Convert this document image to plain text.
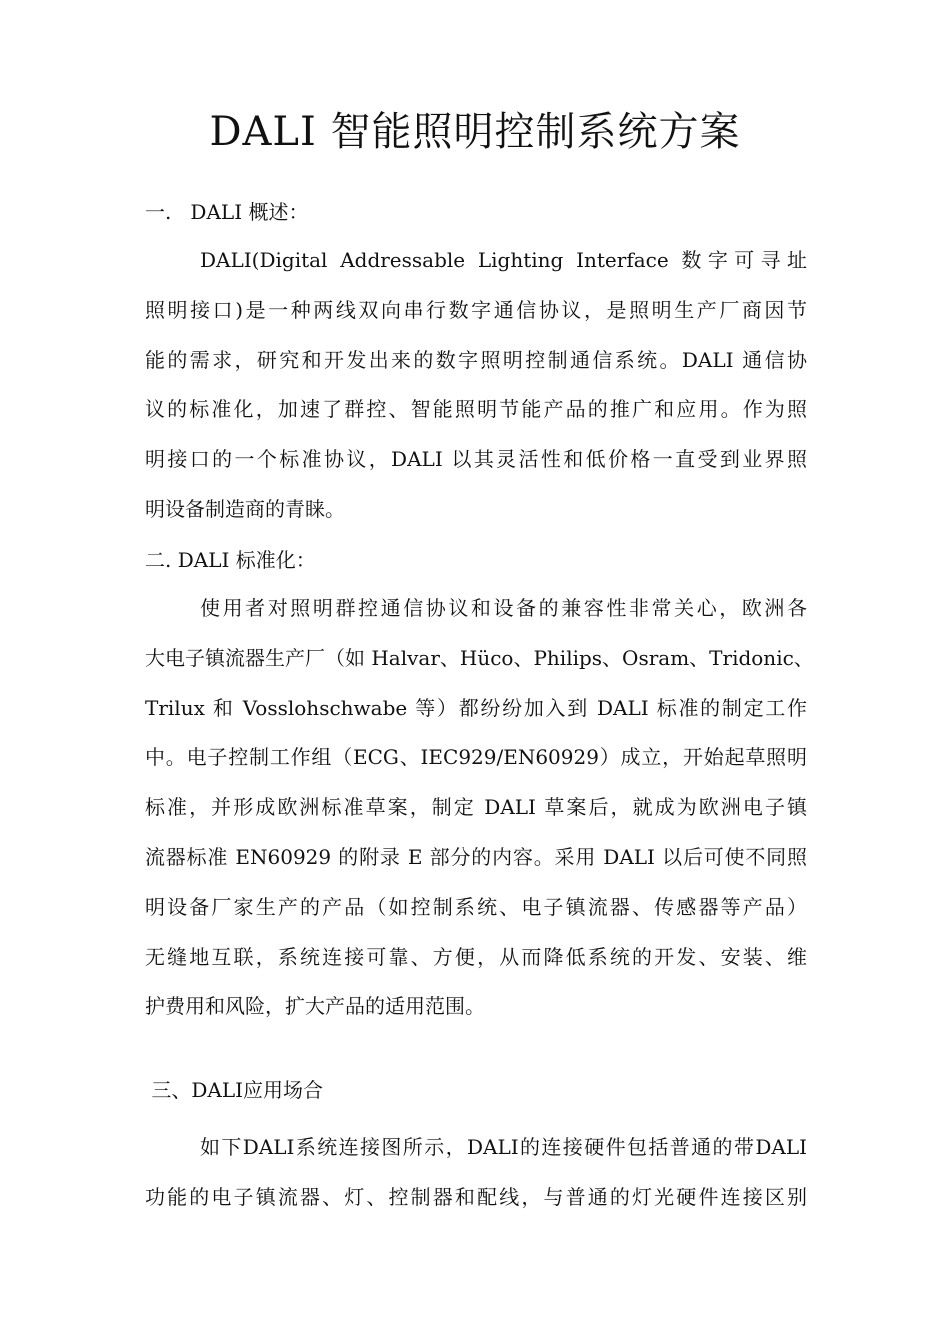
DALI 智能照明控制系统方案
一.   DALI 概述：
DALI(Digital Addressable Lighting Interface 数字可寻址
照明接口)是一种两线双向串行数字通信协议，是照明生产厂商因节
能的需求，研究和开发出来的数字照明控制通信系统。DALI 通信协
议的标准化，加速了群控、智能照明节能产品的推广和应用。作为照
明接口的一个标准协议，DALI 以其灵活性和低价格一直受到业界照
明设备制造商的青睐。
二. DALI 标准化：
使用者对照明群控通信协议和设备的兼容性非常关心，欧洲各
大电子镇流器生产厂（如 Halvar、Hüco、Philips、Osram、Tridonic、
Trilux 和 Vosslohschwabe 等）都纷纷加入到 DALI 标准的制定工作
中。电子控制工作组（ECG、IEC929/EN60929）成立，开始起草照明
标准，并形成欧洲标准草案，制定 DALI 草案后，就成为欧洲电子镇
流器标准 EN60929 的附录 E 部分的内容。采用 DALI 以后可使不同照
明设备厂家生产的产品（如控制系统、电子镇流器、传感器等产品）
无缝地互联，系统连接可靠、方便，从而降低系统的开发、安装、维
护费用和风险，扩大产品的适用范围。
三、DALI应用场合
如下DALI系统连接图所示，DALI的连接硬件包括普通的带DALI
功能的电子镇流器、灯、控制器和配线，与普通的灯光硬件连接区别
